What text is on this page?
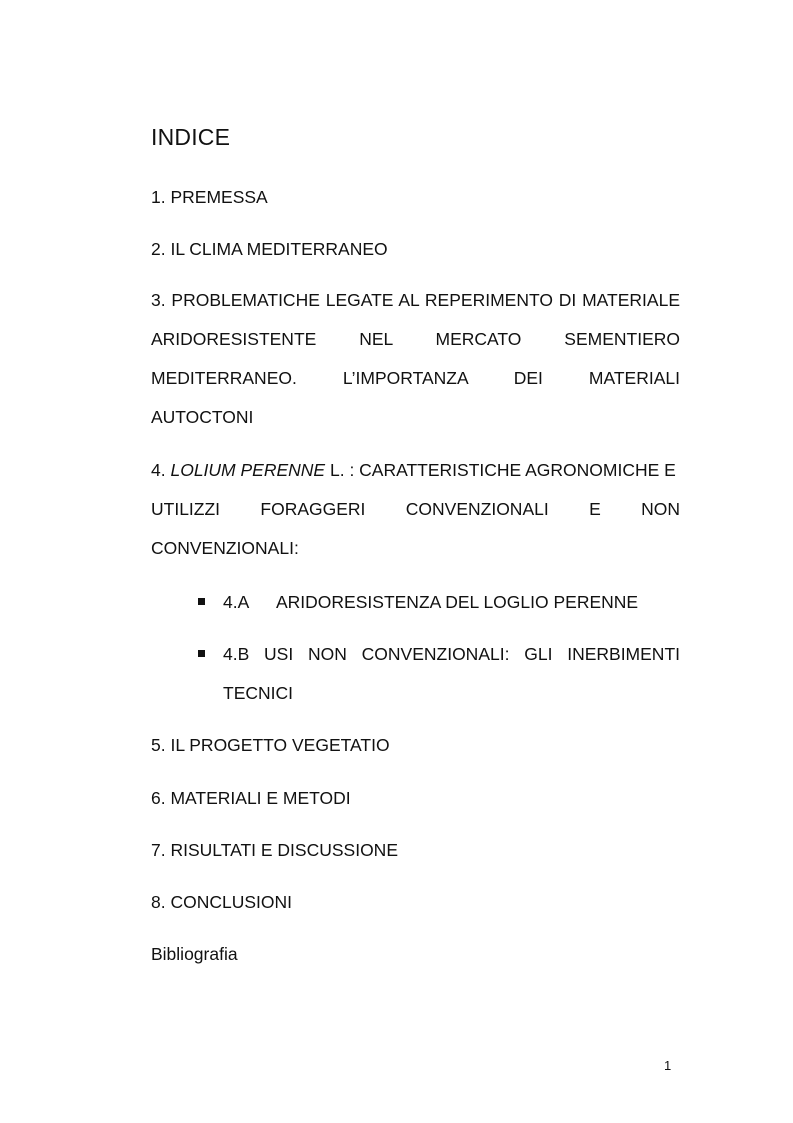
INDICE

1. PREMESSA

2. IL CLIMA MEDITERRANEO

3. PROBLEMATICHE LEGATE AL REPERIMENTO DI MATERIALE
ARIDORESISTENTE NEL MERCATO SEMENTIERO
MEDITERRANEO. L’IMPORTANZA DEI MATERIALI
AUTOCTONI
4. LOLIUM PERENNE L. : CARATTERISTICHE AGRONOMICHE E
UTILIZZI FORAGGERI CONVENZIONALI E NON
CONVENZIONALI:
4.A ARIDORESISTENZA DEL LOGLIO PERENNE
4.B USI NON CONVENZIONALI: GLI INERBIMENTI
TECNICI

5. IL PROGETTO VEGETATIO

6. MATERIALI E METODI

7. RISULTATI E DISCUSSIONE

8. CONCLUSIONI

Bibliografia

1
